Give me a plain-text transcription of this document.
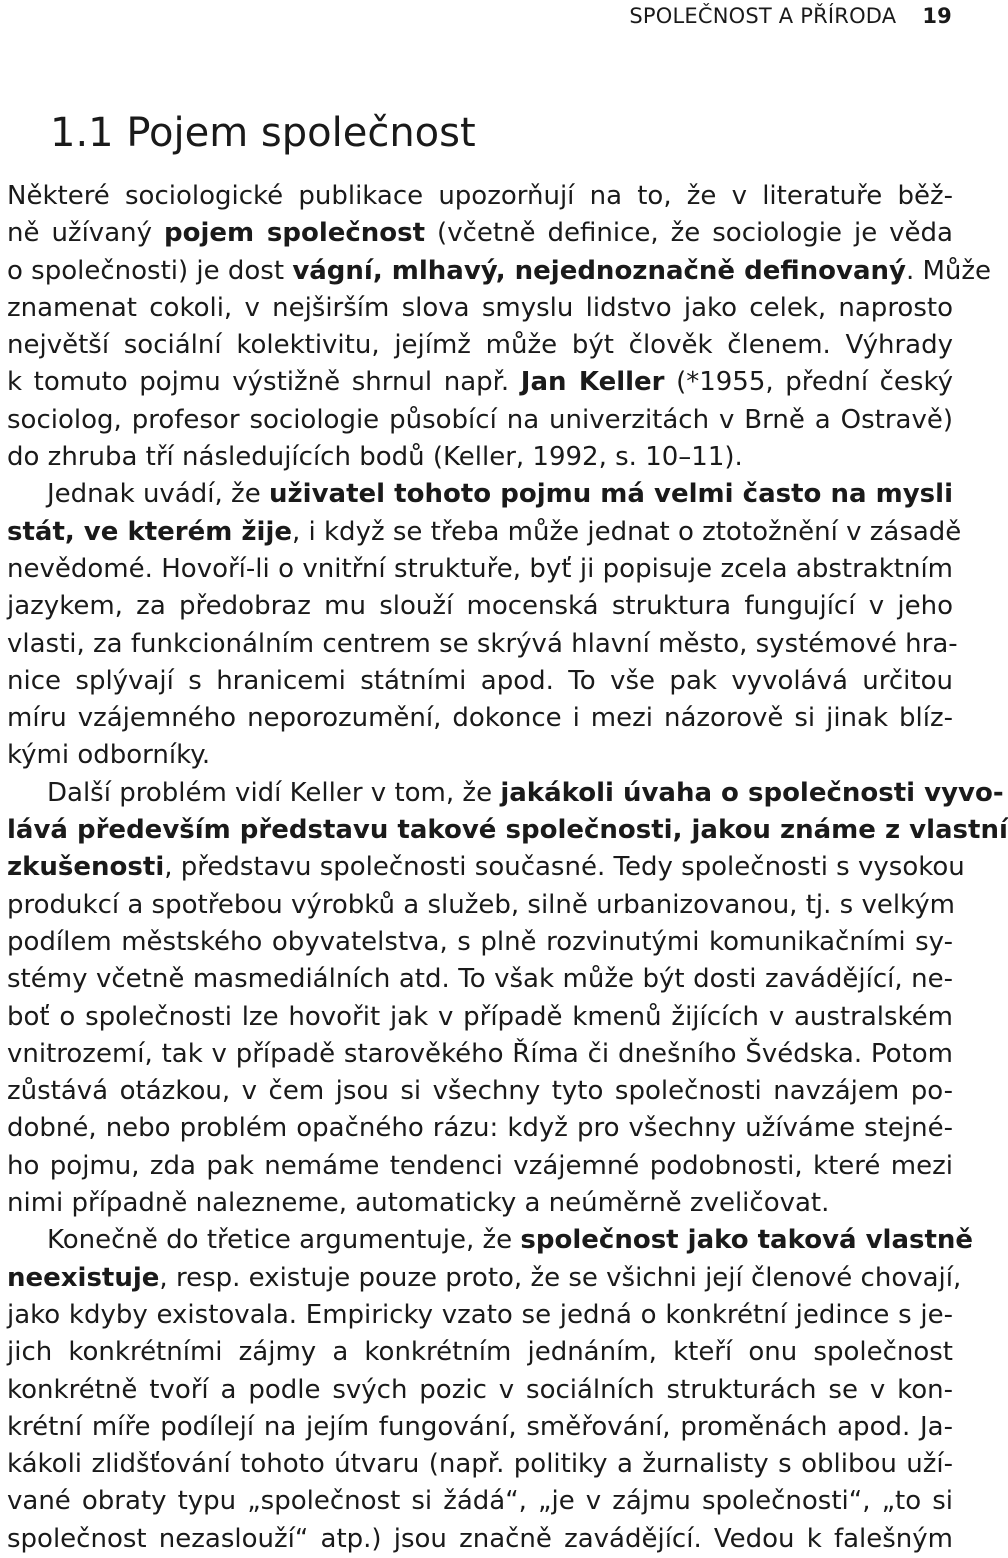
SPOLEČNOST A PŘÍRODA 19
1.1 Pojem společnost
Některé sociologické publikace upozorňují na to, že v literatuře běž-
ně užívaný pojem společnost (včetně definice, že sociologie je věda
o společnosti) je dost vágní, mlhavý, nejednoznačně definovaný. Může
znamenat cokoli, v nejširším slova smyslu lidstvo jako celek, naprosto
největší sociální kolektivitu, jejímž může být člověk členem. Výhrady
k tomuto pojmu výstižně shrnul např. Jan Keller (*1955, přední český
sociolog, profesor sociologie působící na univerzitách v Brně a Ostravě)
do zhruba tří následujících bodů (Keller, 1992, s. 10–11).
Jednak uvádí, že uživatel tohoto pojmu má velmi často na mysli
stát, ve kterém žije, i když se třeba může jednat o ztotožnění v zásadě
nevědomé. Hovoří-li o vnitřní struktuře, byť ji popisuje zcela abstraktním
jazykem, za předobraz mu slouží mocenská struktura fungující v jeho
vlasti, za funkcionálním centrem se skrývá hlavní město, systémové hra-
nice splývají s hranicemi státními apod. To vše pak vyvolává určitou
míru vzájemného neporozumění, dokonce i mezi názorově si jinak blíz-
kými odborníky.
Další problém vidí Keller v tom, že jakákoli úvaha o společnosti vyvo-
lává především představu takové společnosti, jakou známe z vlastní
zkušenosti, představu společnosti současné. Tedy společnosti s vysokou
produkcí a spotřebou výrobků a služeb, silně urbanizovanou, tj. s velkým
podílem městského obyvatelstva, s plně rozvinutými komunikačními sy-
stémy včetně masmediálních atd. To však může být dosti zavádějící, ne-
boť o společnosti lze hovořit jak v případě kmenů žijících v australském
vnitrozemí, tak v případě starověkého Říma či dnešního Švédska. Potom
zůstává otázkou, v čem jsou si všechny tyto společnosti navzájem po-
dobné, nebo problém opačného rázu: když pro všechny užíváme stejné-
ho pojmu, zda pak nemáme tendenci vzájemné podobnosti, které mezi
nimi případně nalezneme, automaticky a neúměrně zveličovat.
Konečně do třetice argumentuje, že společnost jako taková vlastně
neexistuje, resp. existuje pouze proto, že se všichni její členové chovají,
jako kdyby existovala. Empiricky vzato se jedná o konkrétní jedince s je-
jich konkrétními zájmy a konkrétním jednáním, kteří onu společnost
konkrétně tvoří a podle svých pozic v sociálních strukturách se v kon-
krétní míře podílejí na jejím fungování, směřování, proměnách apod. Ja-
kákoli zlidšťování tohoto útvaru (např. politiky a žurnalisty s oblibou uží-
vané obraty typu „společnost si žádá“, „je v zájmu společnosti“, „to si
společnost nezaslouží“ atp.) jsou značně zavádějící. Vedou k falešným
